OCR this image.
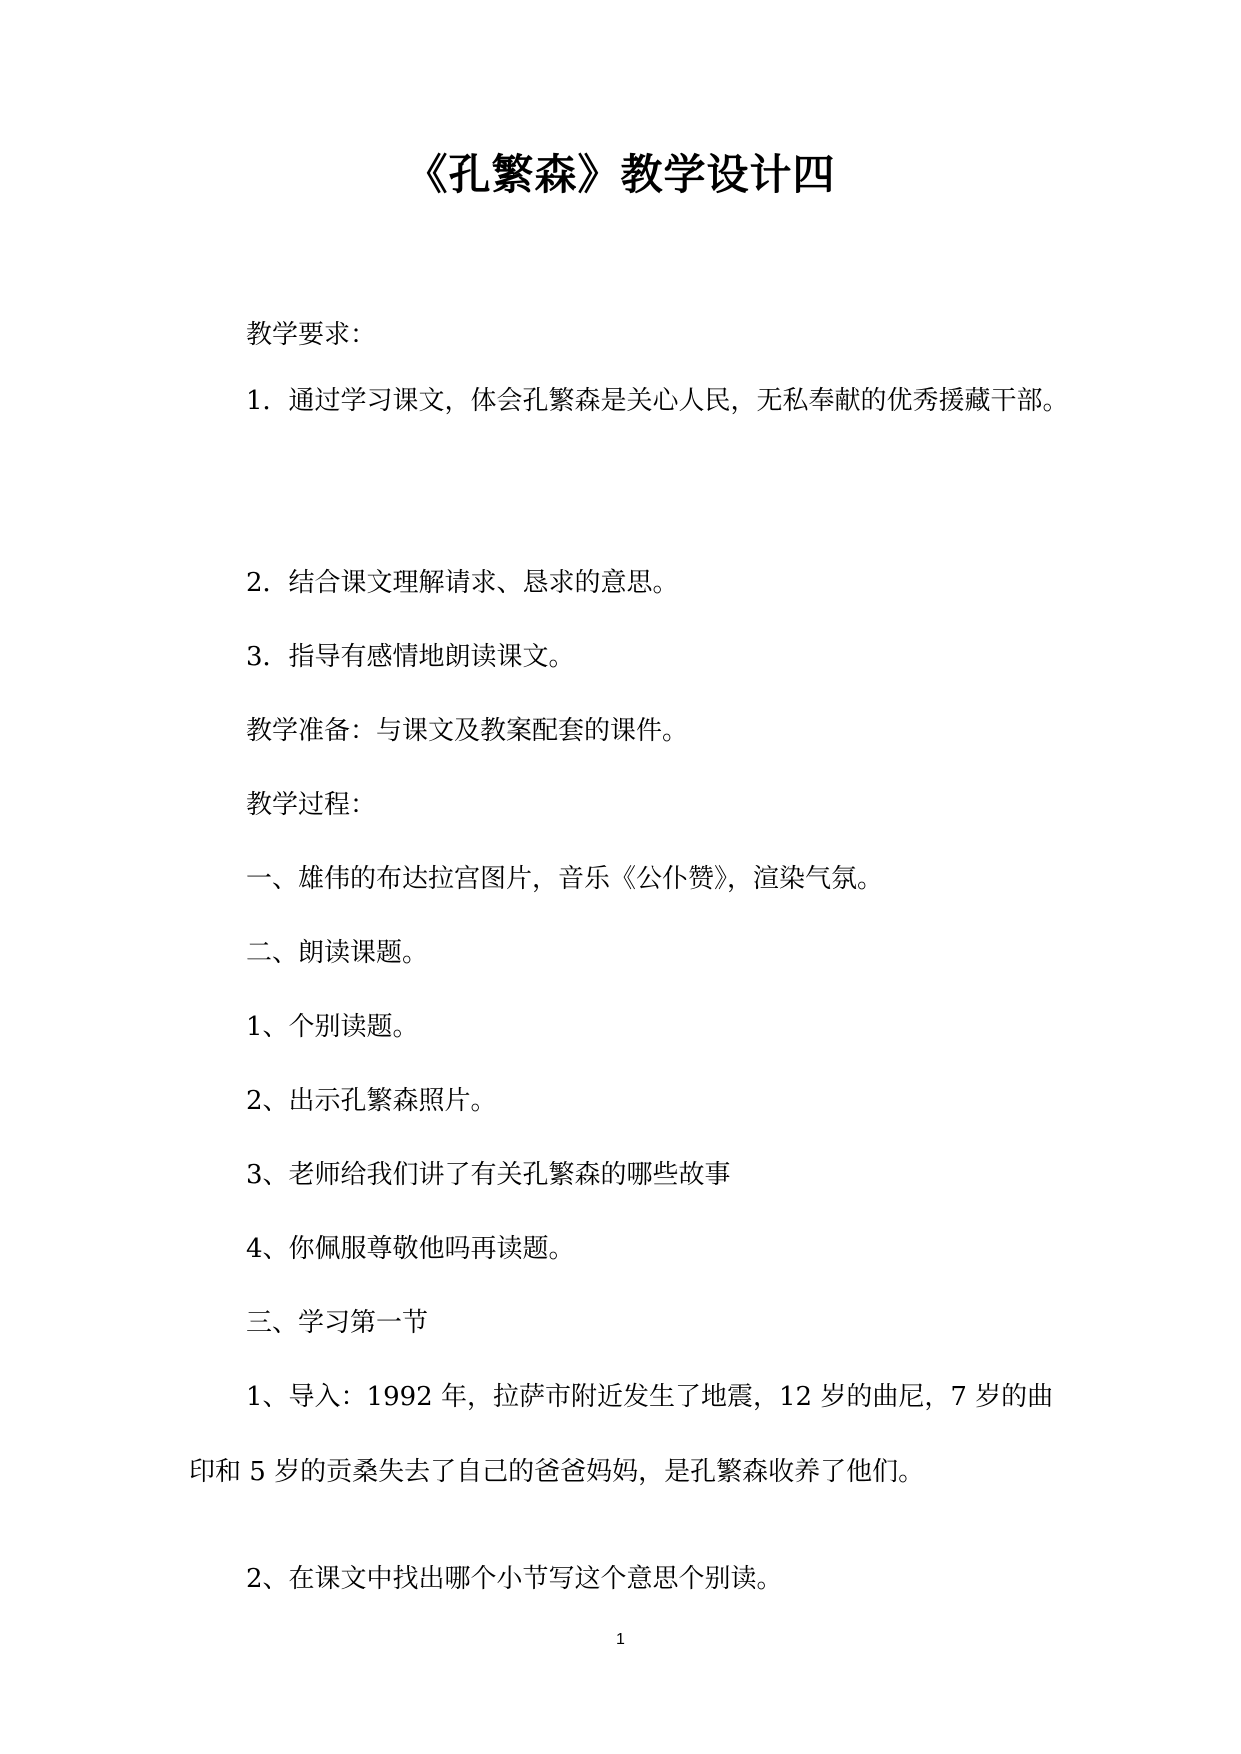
《孔繁森》教学设计四

教学要求：

1．通过学习课文，体会孔繁森是关心人民，无私奉献的优秀援藏干部。

2．结合课文理解请求、恳求的意思。

3．指导有感情地朗读课文。

教学准备：与课文及教案配套的课件。

教学过程：

一、雄伟的布达拉宫图片，音乐《公仆赞》，渲染气氛。

二、朗读课题。

1、个别读题。

2、出示孔繁森照片。

3、老师给我们讲了有关孔繁森的哪些故事

4、你佩服尊敬他吗再读题。

三、学习第一节

1、导入：1992 年，拉萨市附近发生了地震，12 岁的曲尼，7 岁的曲印和 5 岁的贡桑失去了自己的爸爸妈妈，是孔繁森收养了他们。

2、在课文中找出哪个小节写这个意思个别读。

1
